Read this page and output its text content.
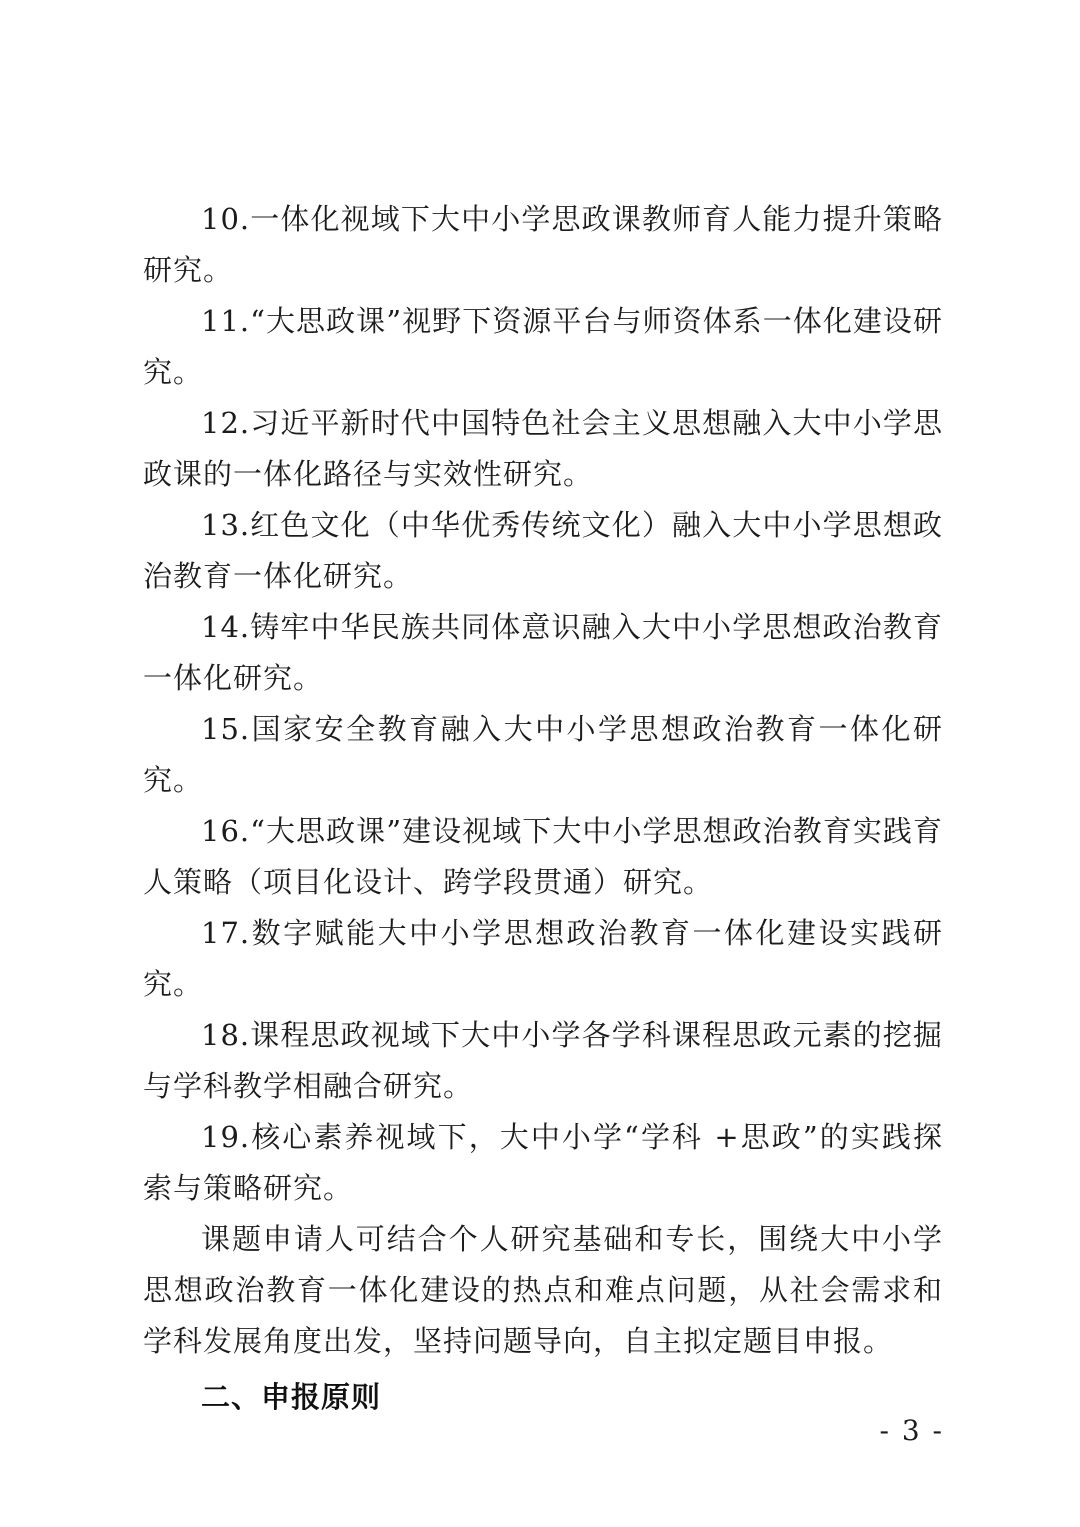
10.一体化视域下大中小学思政课教师育人能力提升策略研究。

11.“大思政课”视野下资源平台与师资体系一体化建设研究。

12.习近平新时代中国特色社会主义思想融入大中小学思政课的一体化路径与实效性研究。

13.红色文化（中华优秀传统文化）融入大中小学思想政治教育一体化研究。

14.铸牢中华民族共同体意识融入大中小学思想政治教育一体化研究。

15.国家安全教育融入大中小学思想政治教育一体化研究。

16.“大思政课”建设视域下大中小学思想政治教育实践育人策略（项目化设计、跨学段贯通）研究。

17.数字赋能大中小学思想政治教育一体化建设实践研究。

18.课程思政视域下大中小学各学科课程思政元素的挖掘与学科教学相融合研究。

19.核心素养视域下，大中小学“学科 +思政”的实践探索与策略研究。

课题申请人可结合个人研究基础和专长，围绕大中小学思想政治教育一体化建设的热点和难点问题，从社会需求和学科发展角度出发，坚持问题导向，自主拟定题目申报。

二、申报原则

- 3 -
